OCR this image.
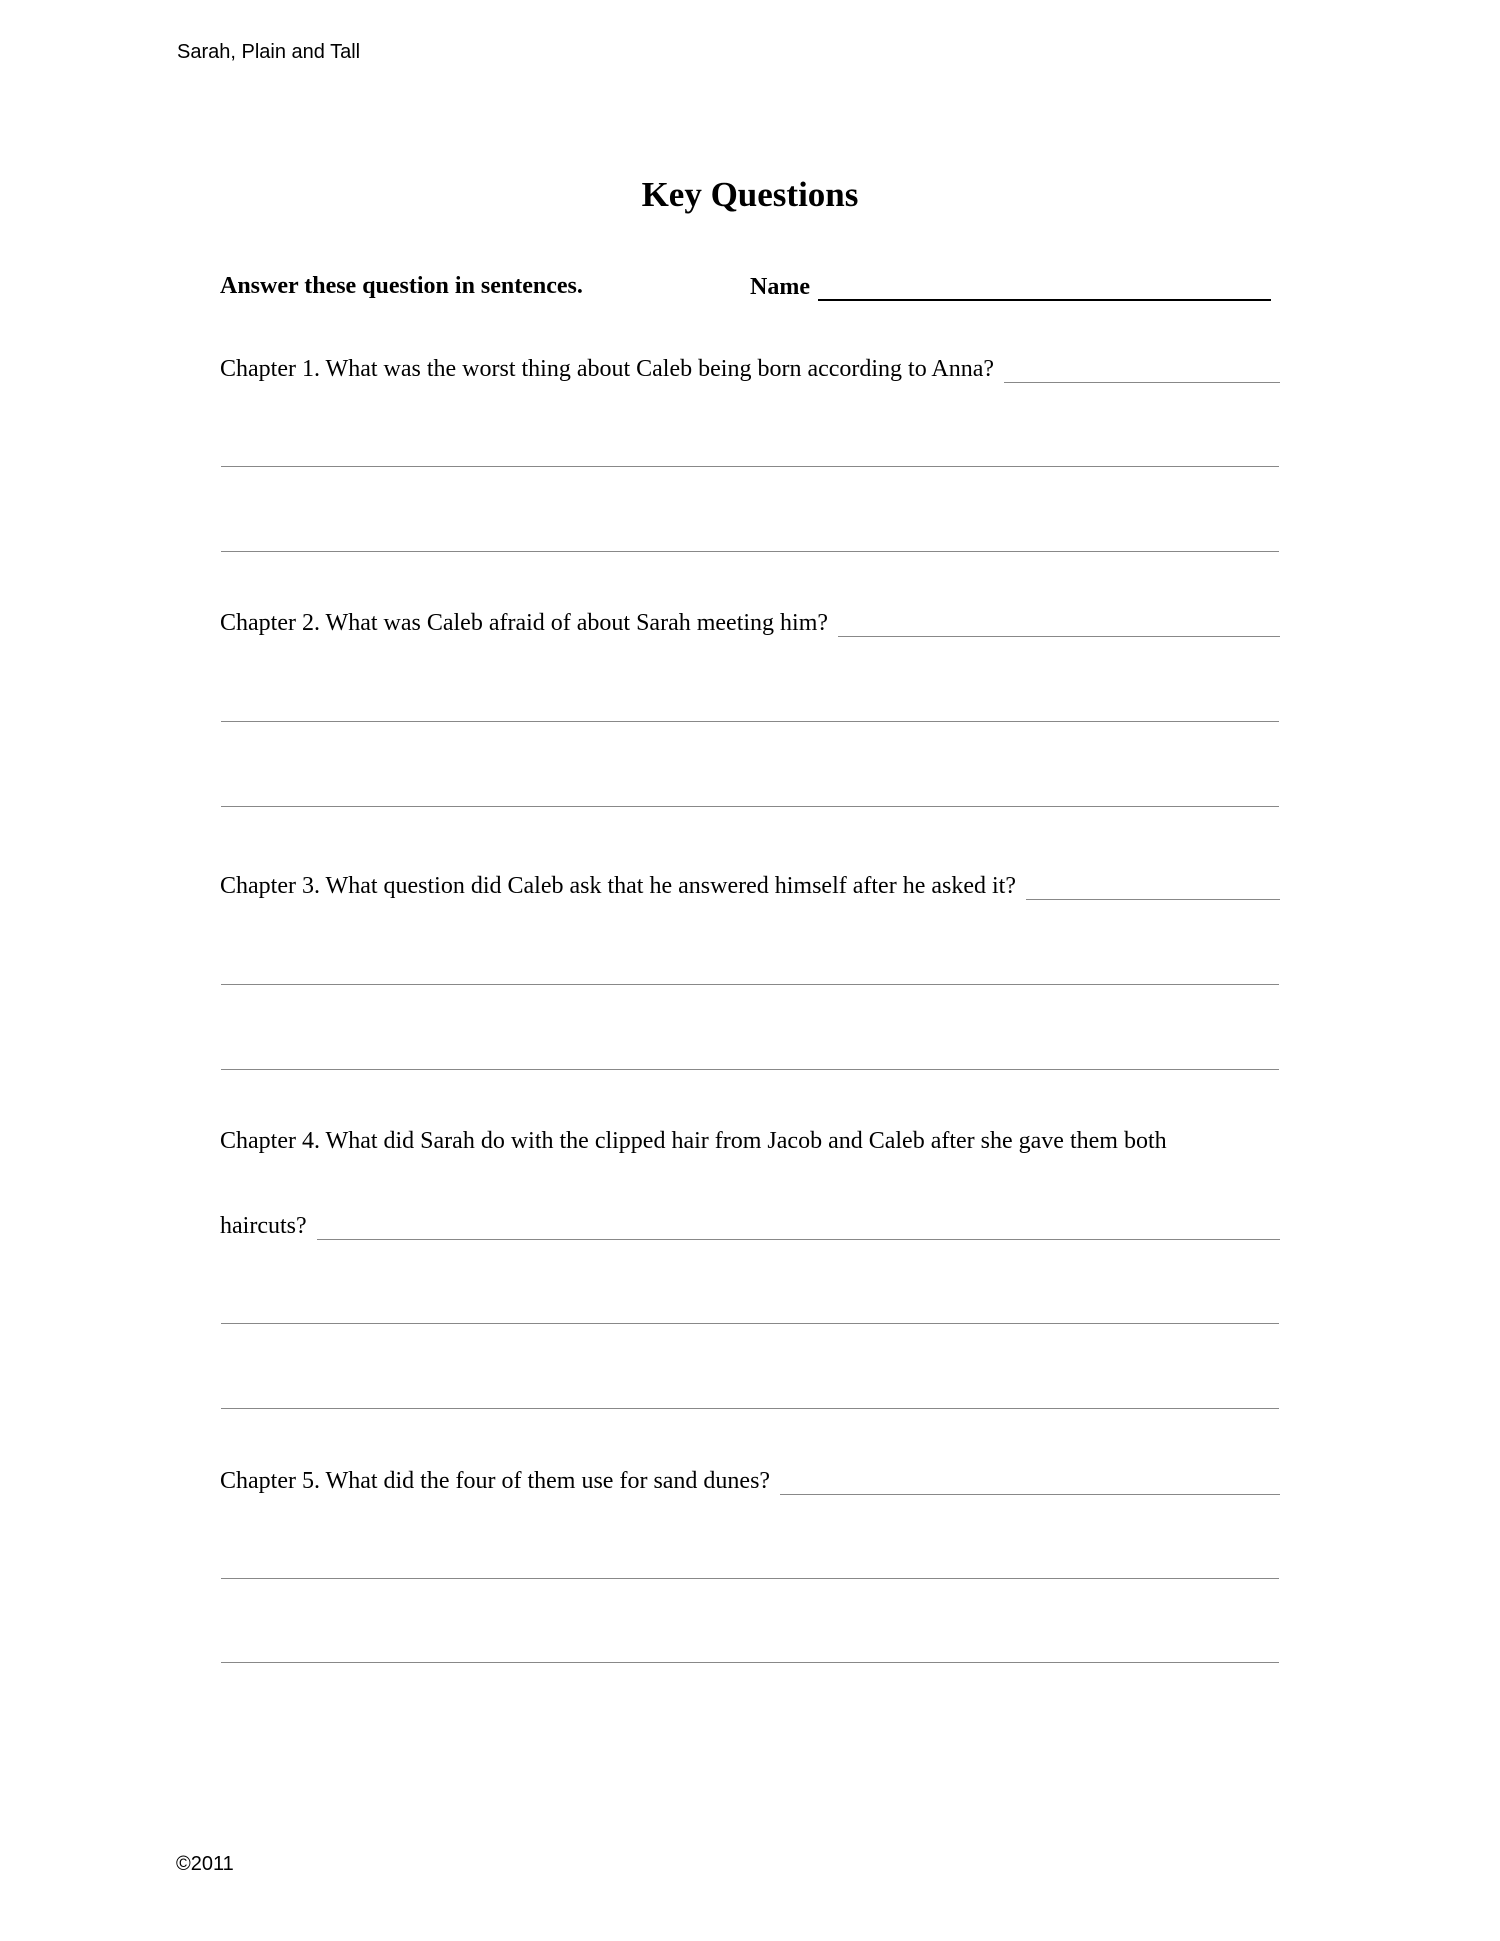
Sarah, Plain and Tall
Key Questions
Answer these question in sentences.	Name
Chapter 1. What was the worst thing about Caleb being born according to Anna?
Chapter 2. What was Caleb afraid of about Sarah meeting him?
Chapter 3. What question did Caleb ask that he answered himself after he asked it?
Chapter 4. What did Sarah do with the clipped hair from Jacob and Caleb after she gave them both
haircuts?
Chapter 5. What did the four of them use for sand dunes?
©2011
